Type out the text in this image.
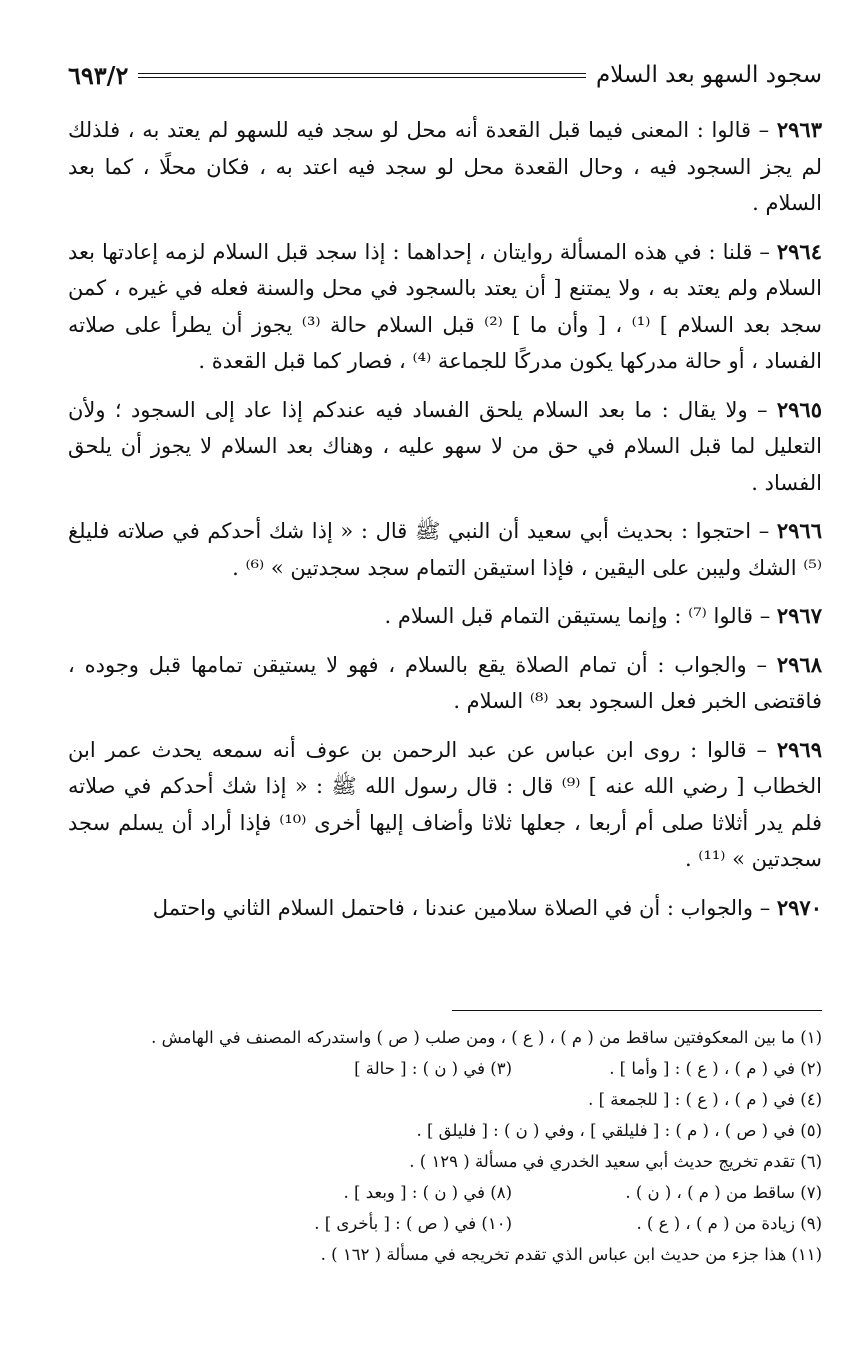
٦٩٣/٢	سجود السهو بعد السلام

٢٩٦٣ – قالوا : المعنى فيما قبل القعدة أنه محل لو سجد فيه للسهو لم يعتد به ، فلذلك لم يجز السجود فيه ، وحال القعدة محل لو سجد فيه اعتد به ، فكان محلًا ، كما بعد السلام .

٢٩٦٤ – قلنا : في هذه المسألة روايتان ، إحداهما : إذا سجد قبل السلام لزمه إعادتها بعد السلام ولم يعتد به ، ولا يمتنع [ أن يعتد بالسجود في محل والسنة فعله في غيره ، كمن سجد بعد السلام ] ⁽¹⁾ ، [ وأن ما ] ⁽²⁾ قبل السلام حالة ⁽³⁾ يجوز أن يطرأ على صلاته الفساد ، أو حالة مدركها يكون مدركًا للجماعة ⁽⁴⁾ ، فصار كما قبل القعدة .

٢٩٦٥ – ولا يقال : ما بعد السلام يلحق الفساد فيه عندكم إذا عاد إلى السجود ؛ ولأن التعليل لما قبل السلام في حق من لا سهو عليه ، وهناك بعد السلام لا يجوز أن يلحق الفساد .

٢٩٦٦ – احتجوا : بحديث أبي سعيد أن النبي ﷺ قال : « إذا شك أحدكم في صلاته فليلغ ⁽⁵⁾ الشك وليبن على اليقين ، فإذا استيقن التمام سجد سجدتين » ⁽⁶⁾ .

٢٩٦٧ – قالوا ⁽⁷⁾ : وإنما يستيقن التمام قبل السلام .

٢٩٦٨ – والجواب : أن تمام الصلاة يقع بالسلام ، فهو لا يستيقن تمامها قبل وجوده ، فاقتضى الخبر فعل السجود بعد ⁽⁸⁾ السلام .

٢٩٦٩ – قالوا : روى ابن عباس عن عبد الرحمن بن عوف أنه سمعه يحدث عمر ابن الخطاب [ رضي الله عنه ] ⁽⁹⁾ قال : قال رسول الله ﷺ : « إذا شك أحدكم في صلاته فلم يدر أثلاثا صلى أم أربعا ، جعلها ثلاثا وأضاف إليها أخرى ⁽¹⁰⁾ فإذا أراد أن يسلم سجد سجدتين » ⁽¹¹⁾ .

٢٩٧٠ – والجواب : أن في الصلاة سلامين عندنا ، فاحتمل السلام الثاني واحتمل

(١) ما بين المعكوفتين ساقط من ( م ) ، ( ع ) ، ومن صلب ( ص ) واستدركه المصنف في الهامش .
(٢) في ( م ) ، ( ع ) : [ وأما ] .
(٣) في ( ن ) : [ حالة ]
(٤) في ( م ) ، ( ع ) : [ للجمعة ] .
(٥) في ( ص ) ، ( م ) : [ فليلقي ] ، وفي ( ن ) : [ فليلق ] .
(٦) تقدم تخريج حديث أبي سعيد الخدري في مسألة ( ١٢٩ ) .
(٧) ساقط من ( م ) ، ( ن ) .
(٨) في ( ن ) : [ وبعد ] .
(٩) زيادة من ( م ) ، ( ع ) .
(١٠) في ( ص ) : [ بأخرى ] .
(١١) هذا جزء من حديث ابن عباس الذي تقدم تخريجه في مسألة ( ١٦٢ ) .
